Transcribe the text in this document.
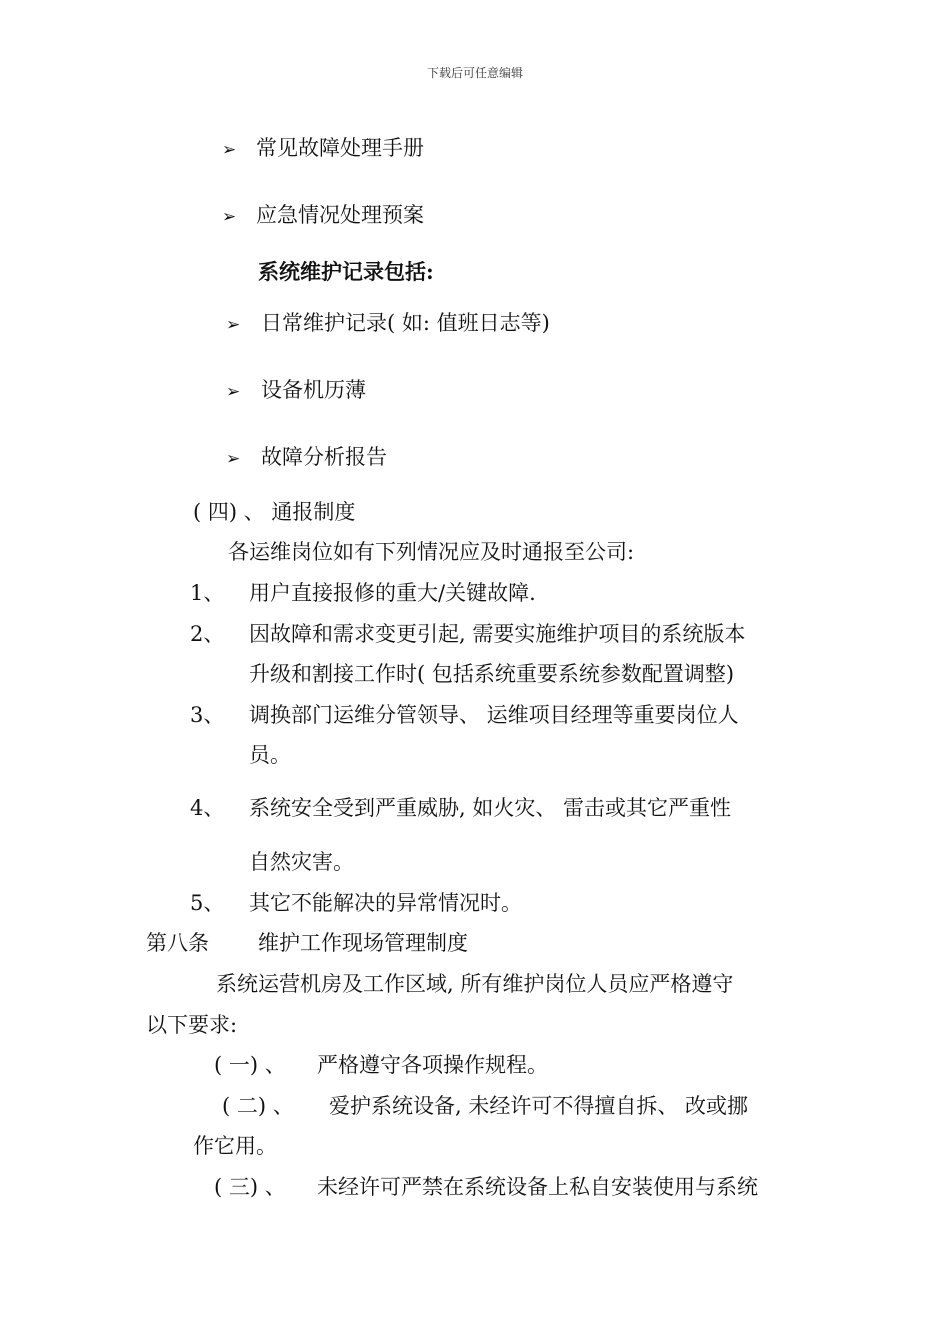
下载后可任意编辑
➢ 常见故障处理手册
➢ 应急情况处理预案
系统维护记录包括:
➢ 日常维护记录( 如: 值班日志等)
➢ 设备机历薄
➢ 故障分析报告
( 四) 、 通报制度
各运维岗位如有下列情况应及时通报至公司:
1、 用户直接报修的重大/关键故障.
2、 因故障和需求变更引起, 需要实施维护项目的系统版本
升级和割接工作时( 包括系统重要系统参数配置调整)
3、 调换部门运维分管领导、 运维项目经理等重要岗位人
员。
4、 系统安全受到严重威胁, 如火灾、 雷击或其它严重性
自然灾害。
5、 其它不能解决的异常情况时。
第八条 维护工作现场管理制度
系统运营机房及工作区域, 所有维护岗位人员应严格遵守
以下要求:
( 一) 、 严格遵守各项操作规程。
( 二) 、 爱护系统设备, 未经许可不得擅自拆、 改或挪
作它用。
( 三) 、 未经许可严禁在系统设备上私自安装使用与系统
